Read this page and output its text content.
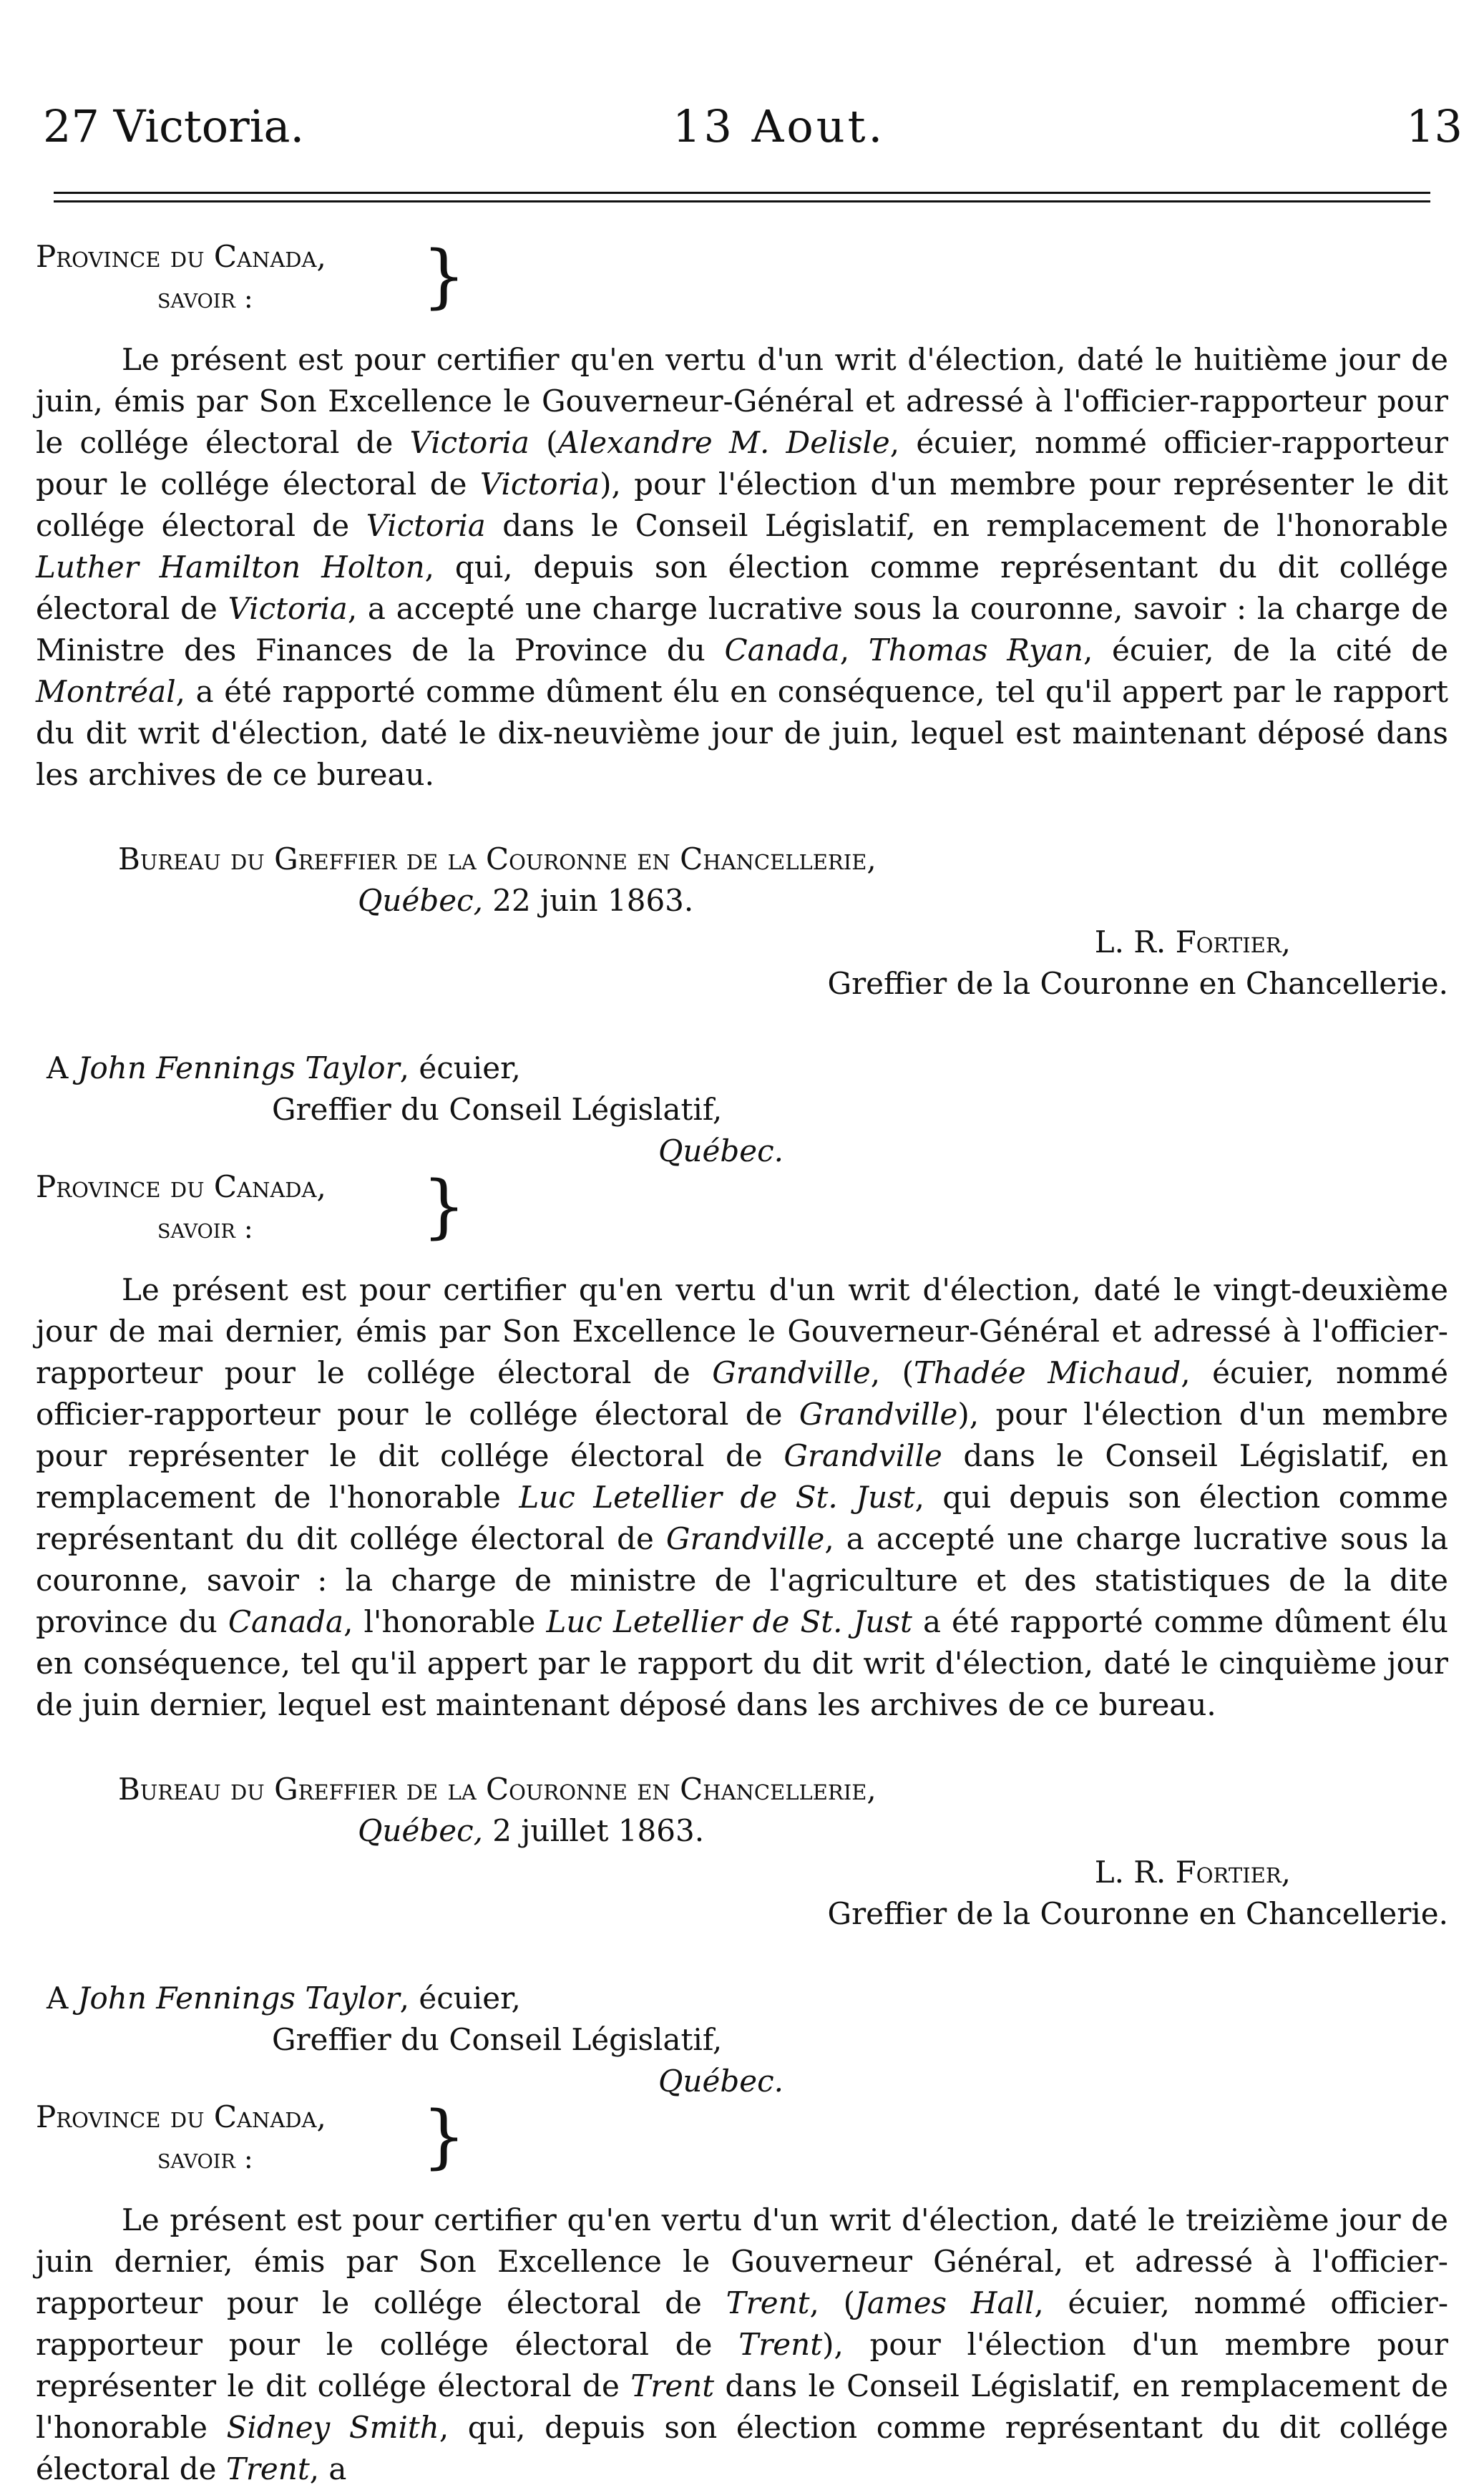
27 Victoria.	13 Aout.	13
Province du Canada,
savoir : }
Le présent est pour certifier qu'en vertu d'un writ d'élection, daté le huitième jour de juin, émis par Son Excellence le Gouverneur-Général et adressé à l'officier-rapporteur pour le collége électoral de Victoria (Alexandre M. Delisle, écuier, nommé officier-rapporteur pour le collége électoral de Victoria), pour l'élection d'un membre pour représenter le dit collége électoral de Victoria dans le Conseil Législatif, en remplacement de l'honorable Luther Hamilton Holton, qui, depuis son élection comme représentant du dit collége électoral de Victoria, a accepté une charge lucrative sous la couronne, savoir : la charge de Ministre des Finances de la Province du Canada, Thomas Ryan, écuier, de la cité de Montréal, a été rapporté comme dûment élu en conséquence, tel qu'il appert par le rapport du dit writ d'élection, daté le dix-neuvième jour de juin, lequel est maintenant déposé dans les archives de ce bureau.
Bureau du Greffier de la Couronne en Chancellerie,
Québec, 22 juin 1863.
L. R. Fortier,
Greffier de la Couronne en Chancellerie.
A John Fennings Taylor, écuier,
Greffier du Conseil Législatif,
Québec.
Province du Canada,
savoir : }
Le présent est pour certifier qu'en vertu d'un writ d'élection, daté le vingt-deuxième jour de mai dernier, émis par Son Excellence le Gouverneur-Général et adressé à l'officier-rapporteur pour le collége électoral de Grandville, (Thadée Michaud, écuier, nommé officier-rapporteur pour le collége électoral de Grandville), pour l'élection d'un membre pour représenter le dit collége électoral de Grandville dans le Conseil Législatif, en remplacement de l'honorable Luc Letellier de St. Just, qui depuis son élection comme représentant du dit collége électoral de Grandville, a accepté une charge lucrative sous la couronne, savoir : la charge de ministre de l'agriculture et des statistiques de la dite province du Canada, l'honorable Luc Letellier de St. Just a été rapporté comme dûment élu en conséquence, tel qu'il appert par le rapport du dit writ d'élection, daté le cinquième jour de juin dernier, lequel est maintenant déposé dans les archives de ce bureau.
Bureau du Greffier de la Couronne en Chancellerie,
Québec, 2 juillet 1863.
L. R. Fortier,
Greffier de la Couronne en Chancellerie.
A John Fennings Taylor, écuier,
Greffier du Conseil Législatif,
Québec.
Province du Canada,
savoir : }
Le présent est pour certifier qu'en vertu d'un writ d'élection, daté le treizième jour de juin dernier, émis par Son Excellence le Gouverneur Général, et adressé à l'officier-rapporteur pour le collége électoral de Trent, (James Hall, écuier, nommé officier-rapporteur pour le collége électoral de Trent), pour l'élection d'un membre pour représenter le dit collége électoral de Trent dans le Conseil Législatif, en remplacement de l'honorable Sidney Smith, qui, depuis son élection comme représentant du dit collége électoral de Trent, a
